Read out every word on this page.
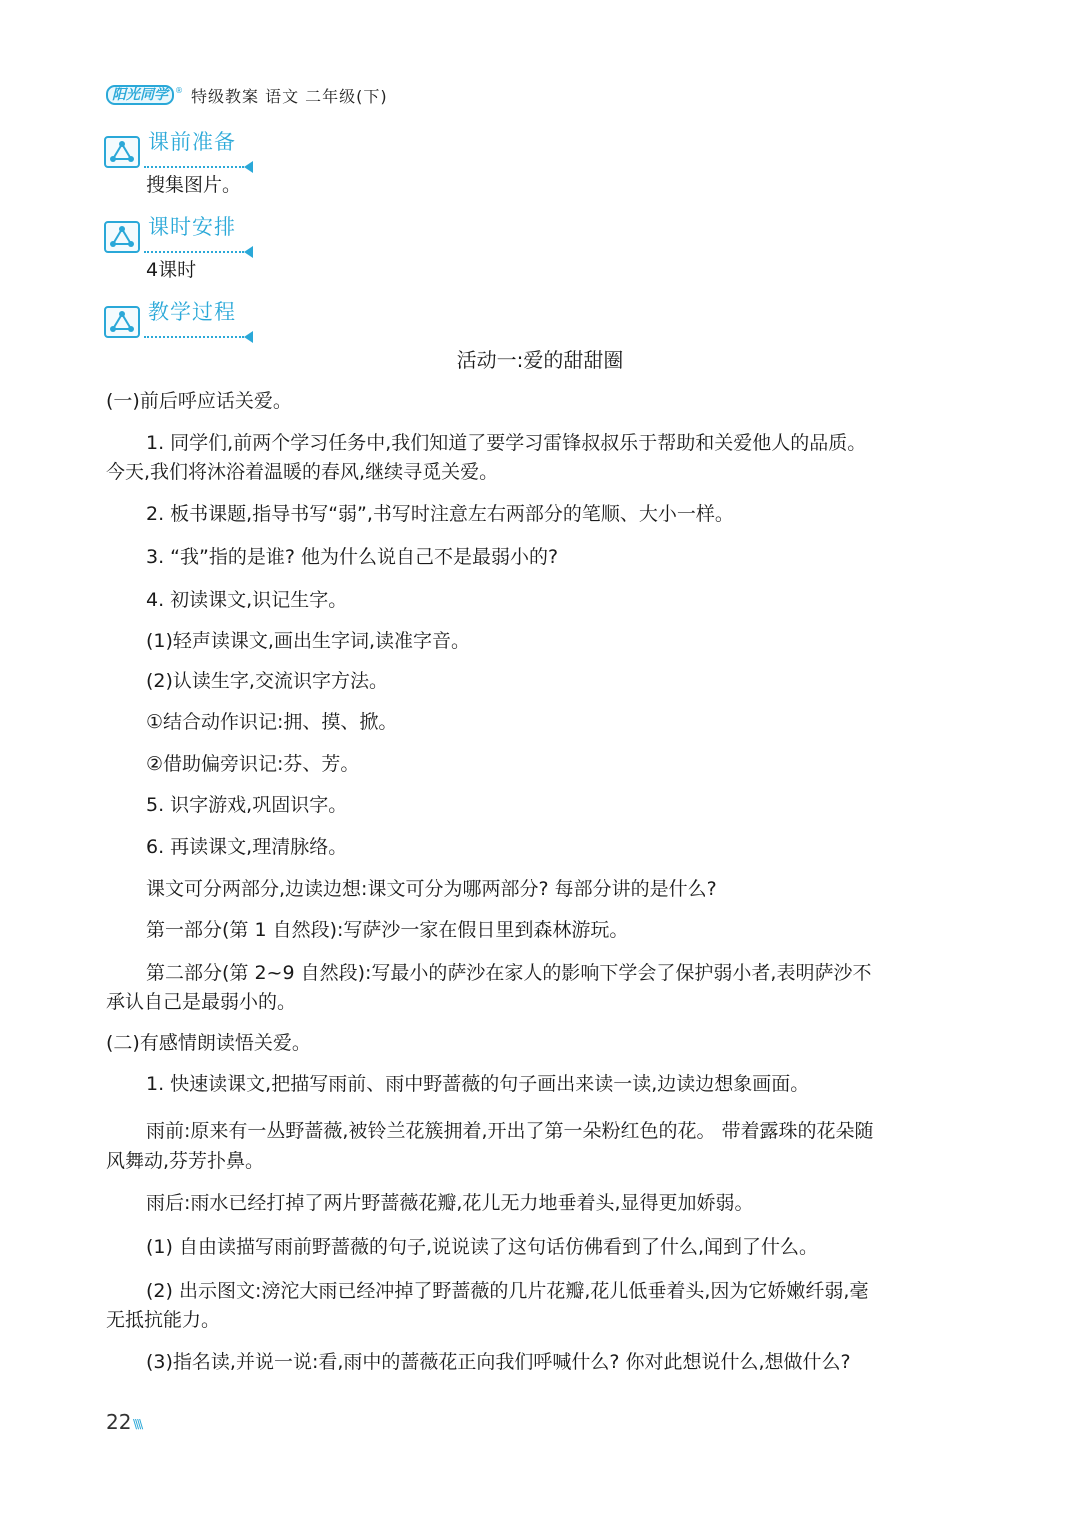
阳光同学 ® 特级教案 语文 二年级(下)
课前准备
搜集图片。
课时安排
4课时
教学过程
活动一:爱的甜甜圈
(一)前后呼应话关爱。
1. 同学们,前两个学习任务中,我们知道了要学习雷锋叔叔乐于帮助和关爱他人的品质。
今天,我们将沐浴着温暖的春风,继续寻觅关爱。
2. 板书课题,指导书写“弱”,书写时注意左右两部分的笔顺、大小一样。
3. “我”指的是谁? 他为什么说自己不是最弱小的?
4. 初读课文,识记生字。
(1)轻声读课文,画出生字词,读准字音。
(2)认读生字,交流识字方法。
①结合动作识记:拥、摸、掀。
②借助偏旁识记:芬、芳。
5. 识字游戏,巩固识字。
6. 再读课文,理清脉络。
课文可分两部分,边读边想:课文可分为哪两部分? 每部分讲的是什么?
第一部分(第 1 自然段):写萨沙一家在假日里到森林游玩。
第二部分(第 2~9 自然段):写最小的萨沙在家人的影响下学会了保护弱小者,表明萨沙不
承认自己是最弱小的。
(二)有感情朗读悟关爱。
1. 快速读课文,把描写雨前、雨中野蔷薇的句子画出来读一读,边读边想象画面。
雨前:原来有一丛野蔷薇,被铃兰花簇拥着,开出了第一朵粉红色的花。 带着露珠的花朵随
风舞动,芬芳扑鼻。
雨后:雨水已经打掉了两片野蔷薇花瓣,花儿无力地垂着头,显得更加娇弱。
(1) 自由读描写雨前野蔷薇的句子,说说读了这句话仿佛看到了什么,闻到了什么。
(2) 出示图文:滂沱大雨已经冲掉了野蔷薇的几片花瓣,花儿低垂着头,因为它娇嫩纤弱,毫
无抵抗能力。
(3)指名读,并说一说:看,雨中的蔷薇花正向我们呼喊什么? 你对此想说什么,想做什么?
22 \\\\
